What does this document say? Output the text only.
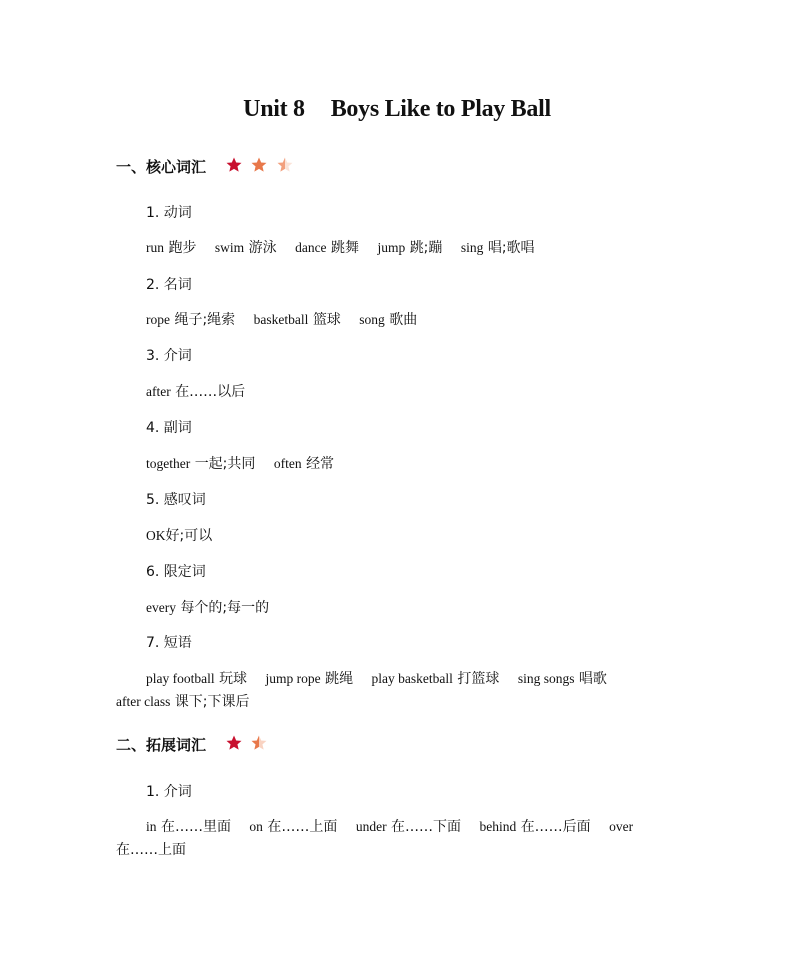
Unit 8 Boys Like to Play Ball
一、核心词汇
1. 动词
run 跑步 swim 游泳 dance 跳舞 jump 跳;蹦 sing 唱;歌唱
2. 名词
rope 绳子;绳索 basketball 篮球 song 歌曲
3. 介词
after 在……以后
4. 副词
together 一起;共同 often 经常
5. 感叹词
OK好;可以
6. 限定词
every 每个的;每一的
7. 短语
play football 玩球 jump rope 跳绳 play basketball 打篮球 sing songs 唱歌
after class 课下;下课后
二、拓展词汇
1. 介词
in 在……里面 on 在……上面 under 在……下面 behind 在……后面 over
在……上面
